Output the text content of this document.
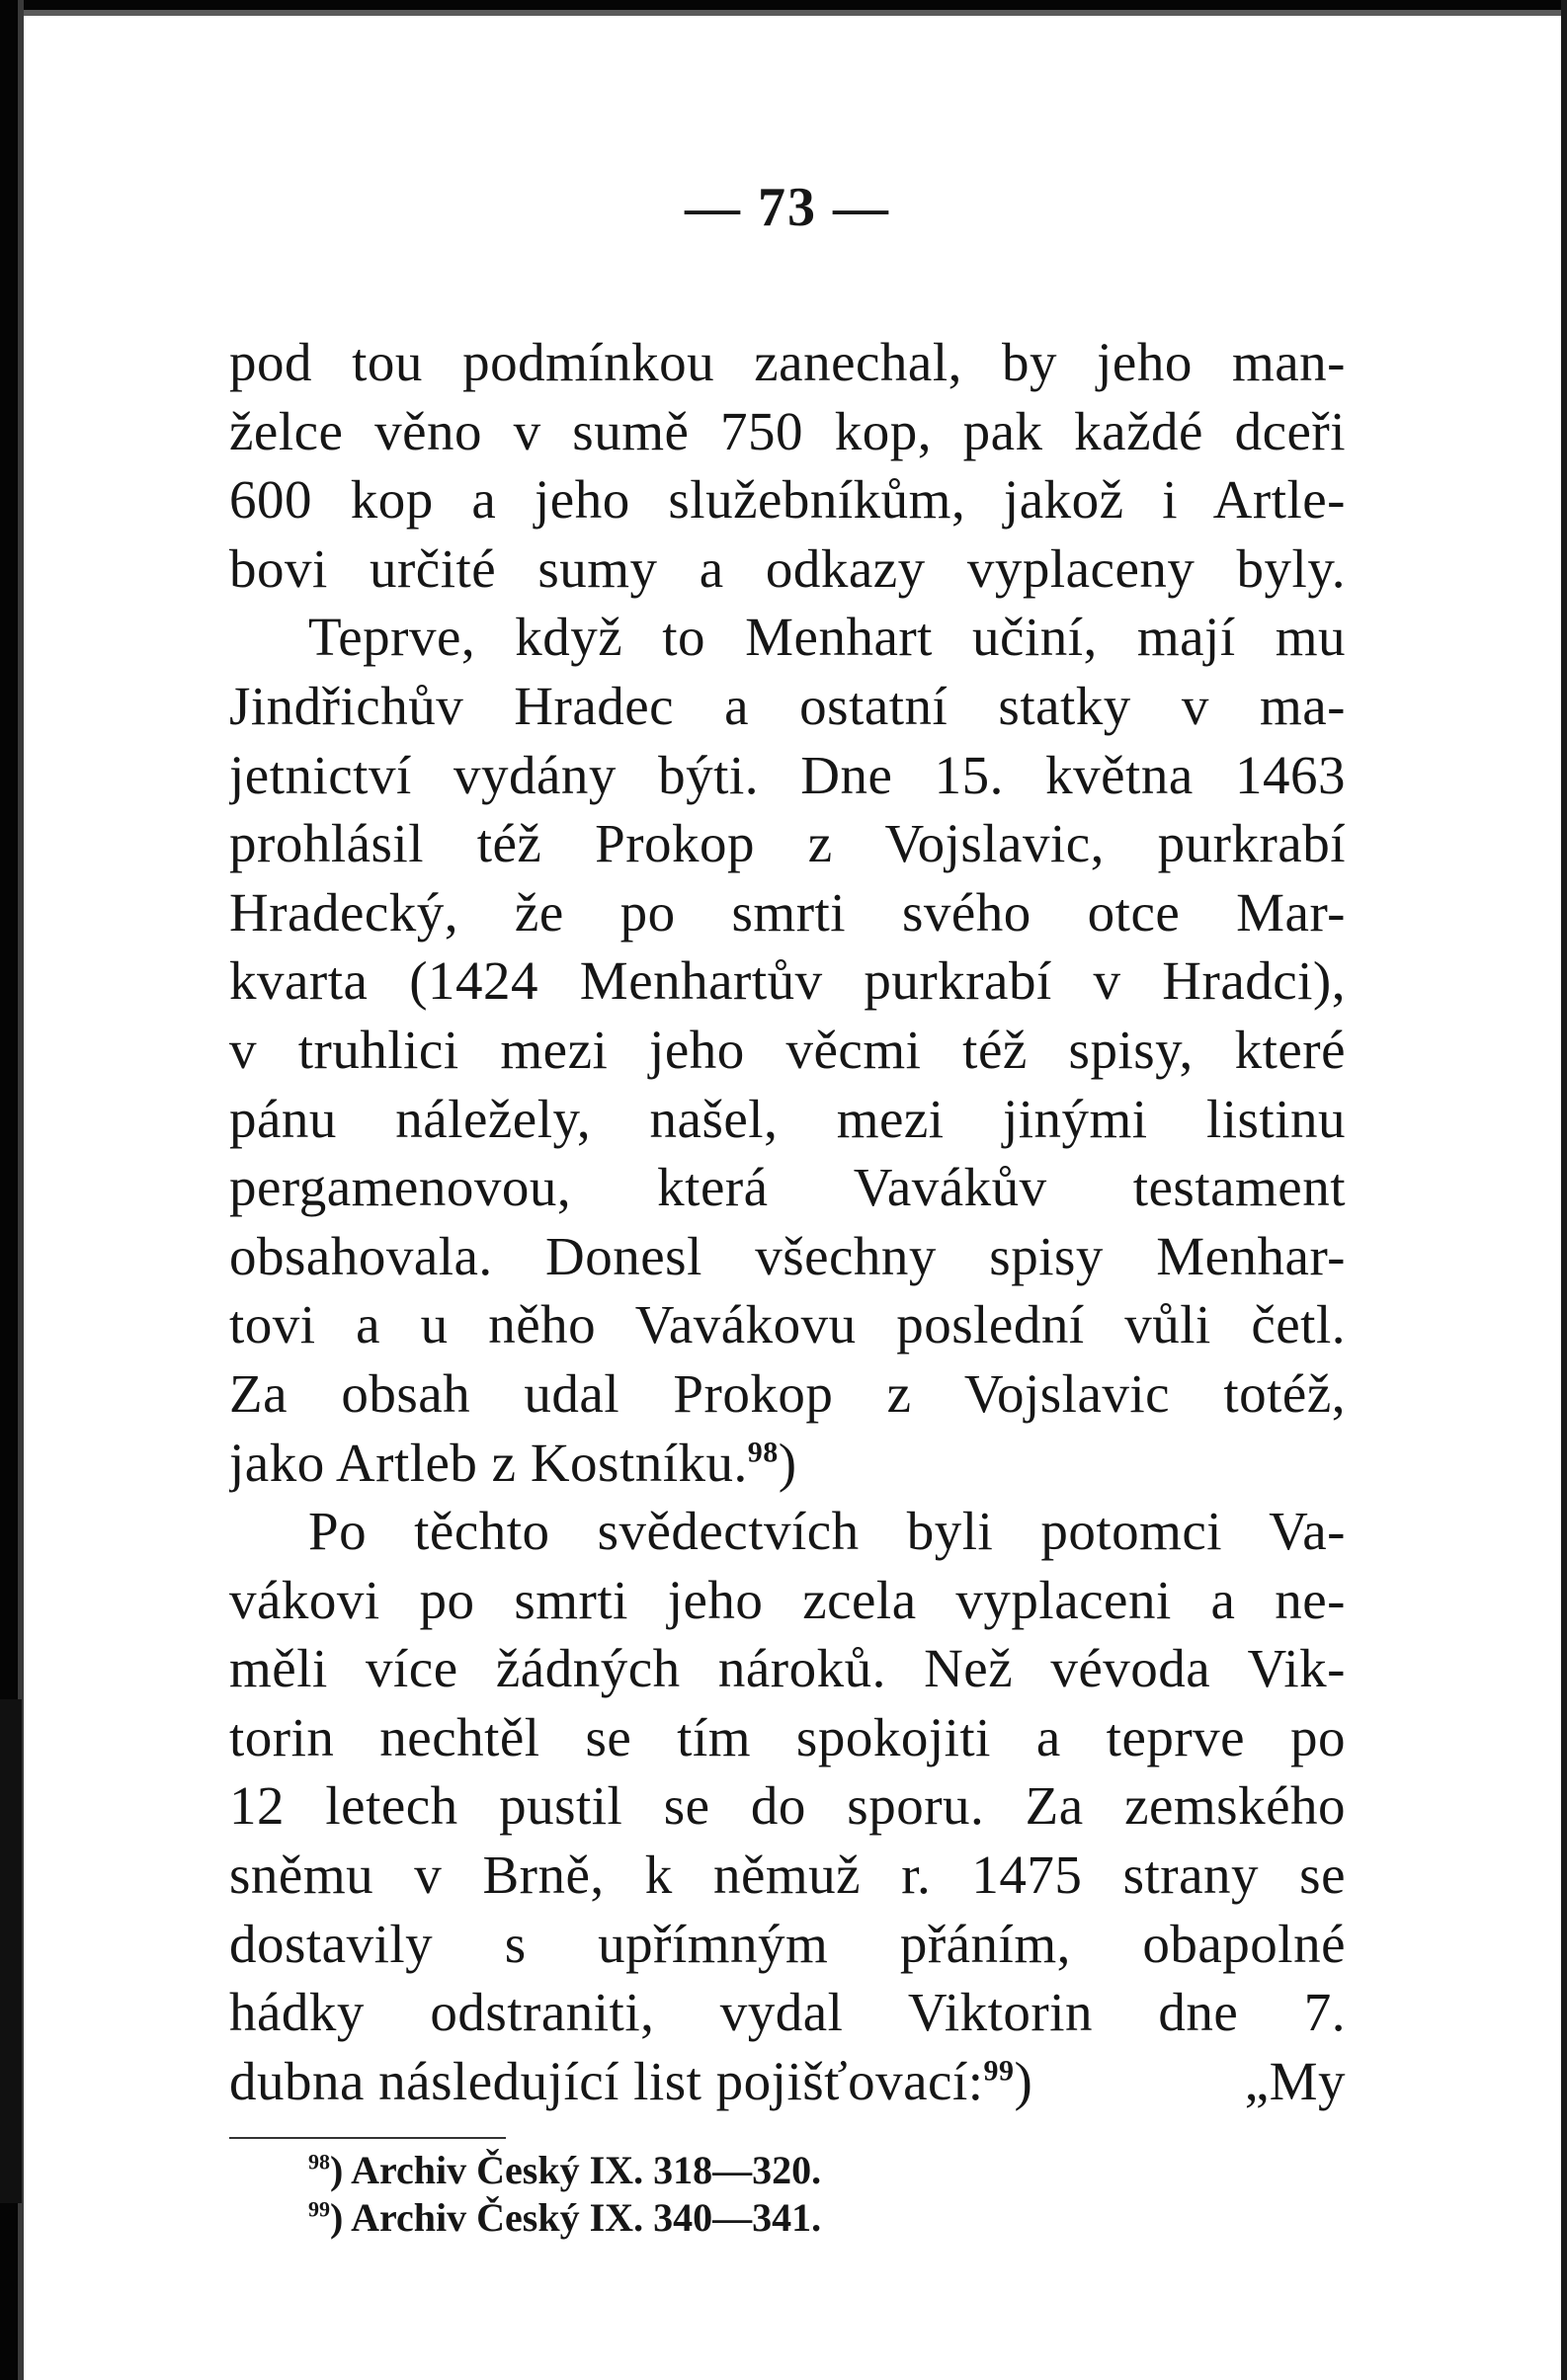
— 73 —
pod tou podmínkou zanechal, by jeho man-
želce věno v sumě 750 kop, pak každé dceři
600 kop a jeho služebníkům, jakož i Artle-
bovi určité sumy a odkazy vyplaceny byly.
Teprve, když to Menhart učiní, mají mu
Jindřichův Hradec a ostatní statky v ma-
jetnictví vydány býti. Dne 15. května 1463
prohlásil též Prokop z Vojslavic, purkrabí
Hradecký, že po smrti svého otce Mar-
kvarta (1424 Menhartův purkrabí v Hradci),
v truhlici mezi jeho věcmi též spisy, které
pánu náležely, našel, mezi jinými listinu
pergamenovou, která Vavákův testament
obsahovala. Donesl všechny spisy Menhar-
tovi a u něho Vavákovu poslední vůli četl.
Za obsah udal Prokop z Vojslavic totéž,
jako Artleb z Kostníku.$^{98}$)
Po těchto svědectvích byli potomci Va-
vákovi po smrti jeho zcela vyplaceni a ne-
měli více žádných nároků. Než vévoda Vik-
torin nechtěl se tím spokojiti a teprve po
12 letech pustil se do sporu. Za zemského
sněmu v Brně, k němuž r. 1475 strany se
dostavily s upřímným přáním, obapolné
hádky odstraniti, vydal Viktorin dne 7.
dubna následující list pojišťovací:$^{99}$)	„My
$^{98}$) Archiv Český IX. 318—320.
$^{99}$) Archiv Český IX. 340—341.
